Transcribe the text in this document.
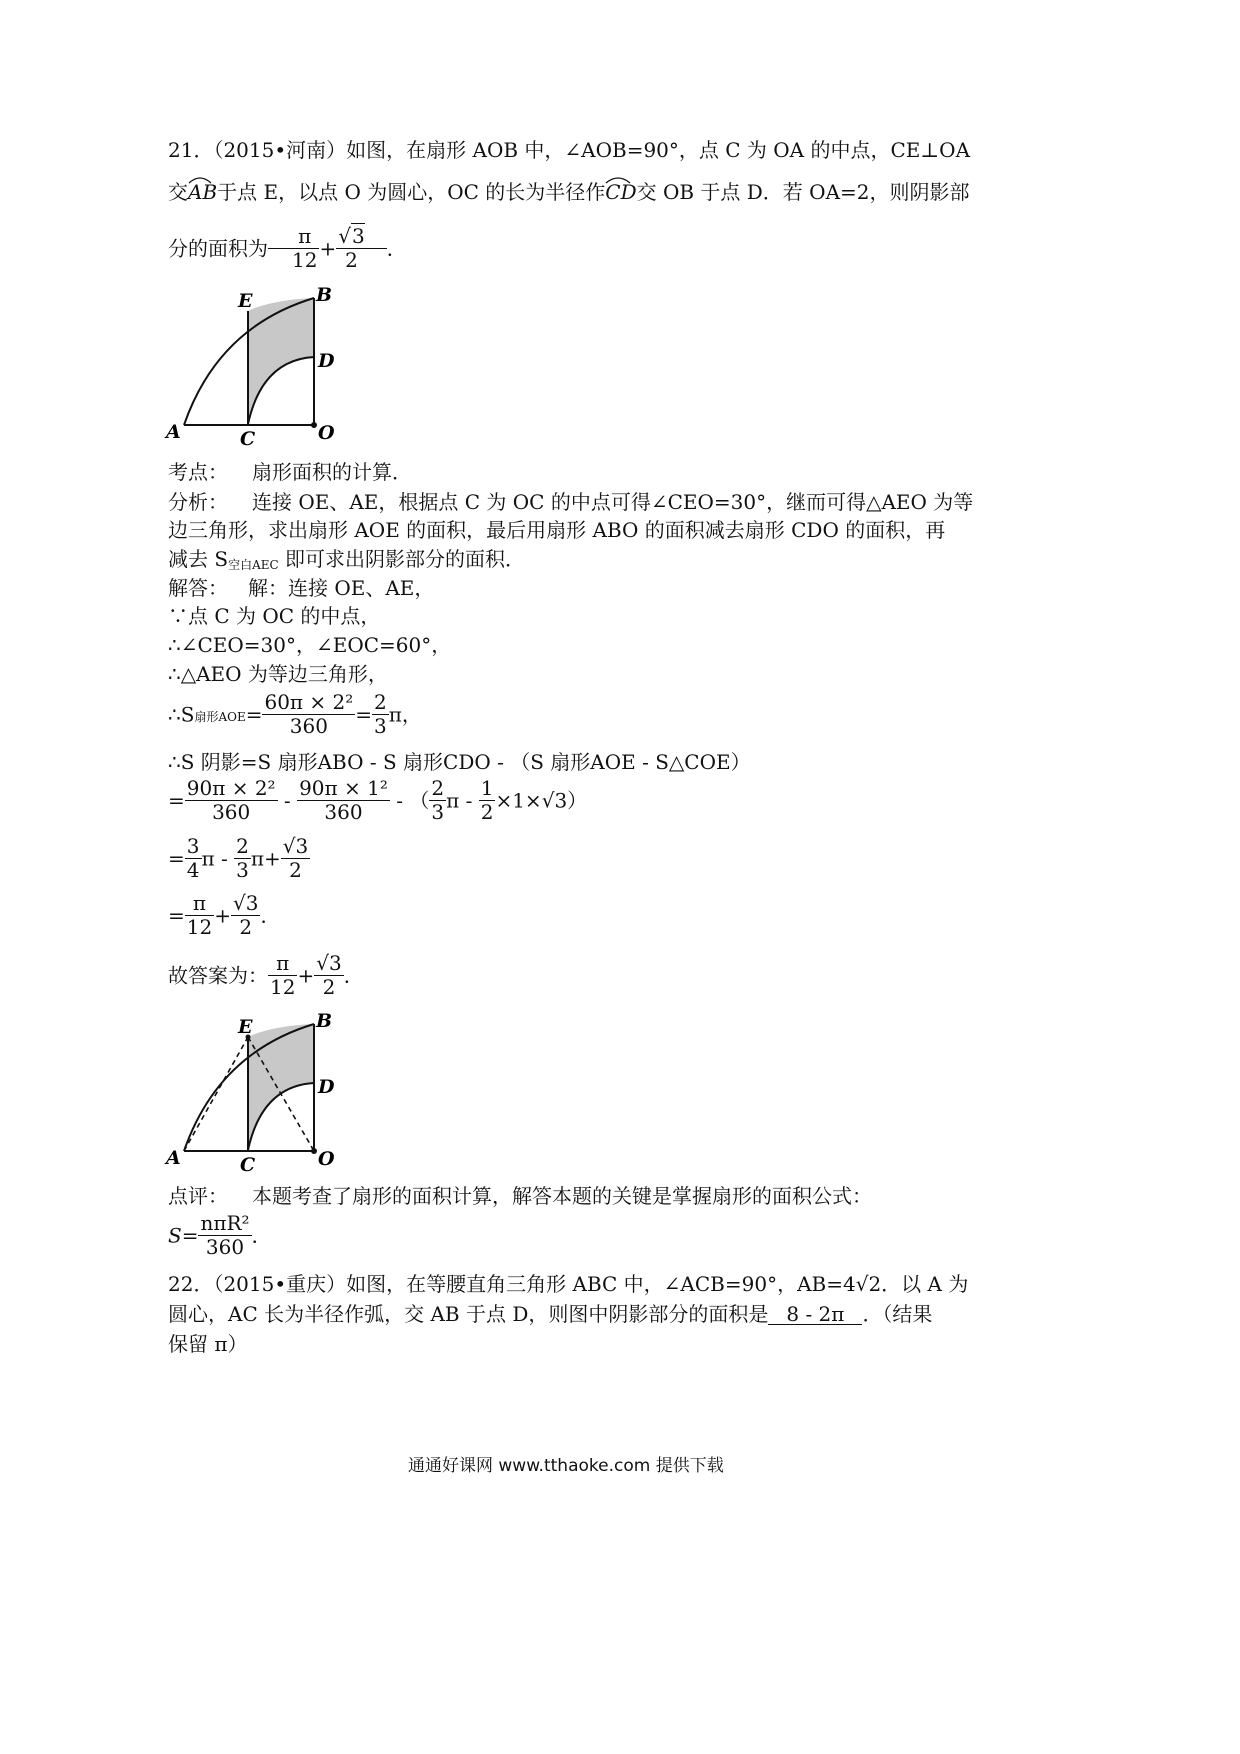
21．（2015•河南）如图，在扇形 AOB 中，∠AOB=90°，点 C 为 OA 的中点，CE⊥OA
交
AB于点 E，以点 O 为圆心，OC 的长为半径作
CD交 OB 于点 D．若 OA=2，则阴影部
分的面积为 $\frac{\pi}{12} + \frac{√3}{2}$ ．
E	B
D
A	C	O
考点： 扇形面积的计算．
分析： 连接 OE、AE，根据点 C 为 OC 的中点可得∠CEO=30°，继而可得△AEO 为等
边三角形，求出扇形 AOE 的面积，最后用扇形 ABO 的面积减去扇形 CDO 的面积，再
减去 S空白AEC 即可求出阴影部分的面积．
解答： 解：连接 OE、AE，
∵点 C 为 OC 的中点，
∴∠CEO=30°，∠EOC=60°，
∴△AEO 为等边三角形，
∴S扇形$AOE= \frac{\text{60π × 2²}}{360} = \frac{2}{3}$ π，
∴S 阴影=S 扇形ABO - S 扇形CDO - （S 扇形AOE - S△COE）
= $\frac{\text{90π × 2²}}{360} - \frac{\text{90π × 1²}}{360}$ - （ $\frac{2}{3}$ $\pi - \frac{1}{2} \times 1\times√3$）
= $\frac{3}{4}$ $\pi - \frac{2}{3} \pi+ \frac{√3}{2}$
= $\frac{\pi}{12} + \frac{√3}{2}$ ．
故答案为： $\frac{\pi}{12} + \frac{√3}{2}$ ．
E	B
D
A	C	O
点评： 本题考查了扇形的面积计算，解答本题的关键是掌握扇形的面积公式：
$S= \frac{\text{nπR²}}{360}$ ．
22．（2015•重庆）如图，在等腰直角三角形 ABC 中，∠ACB=90°，AB=4√2．以 A 为
圆心，AC 长为半径作弧，交 AB 于点 D，则图中阴影部分的面积是 8 - 2π ．（结果
保留 π）
通通好课网 www.tthaoke.com 提供下载
